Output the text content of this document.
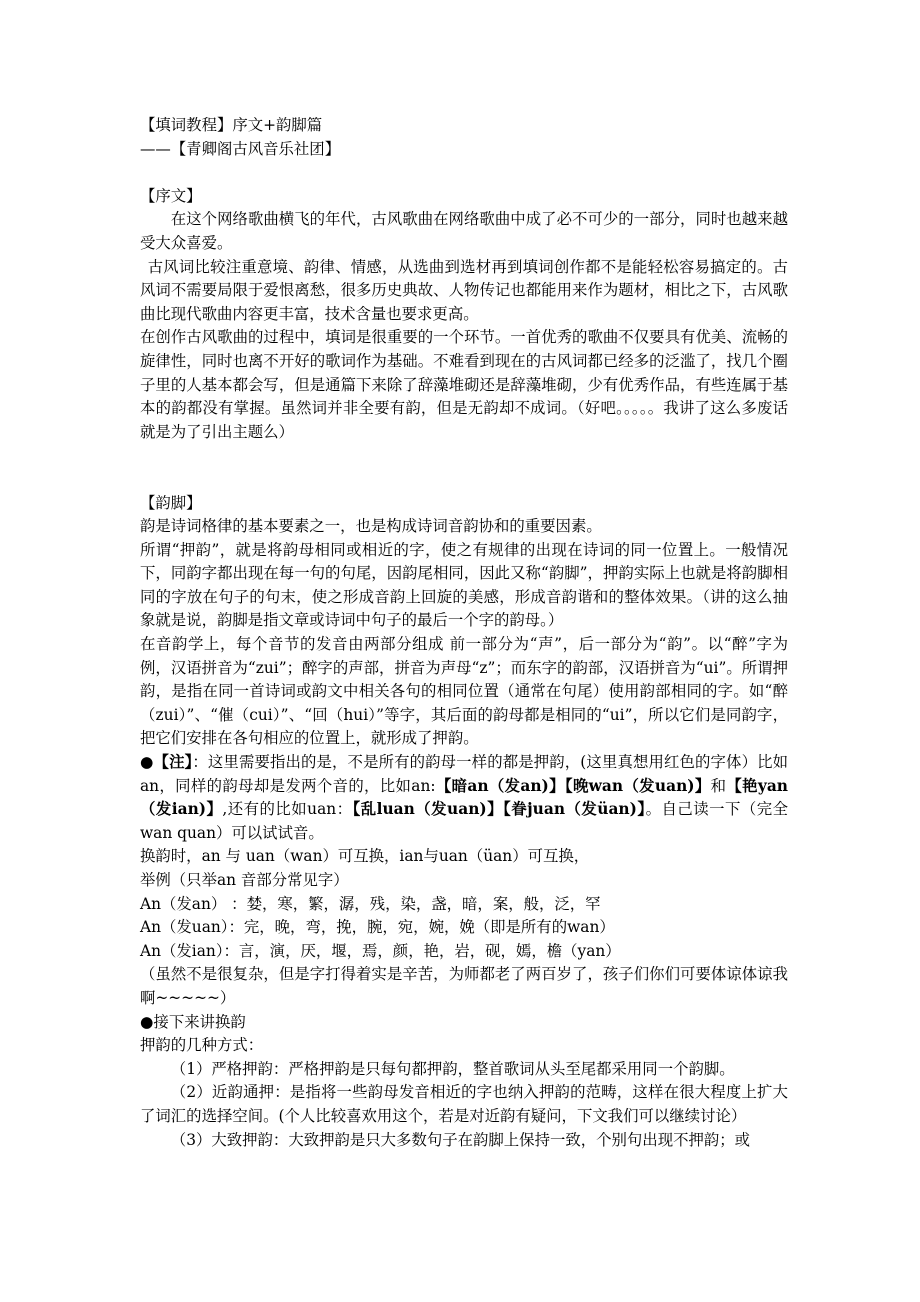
【填词教程】序文+韵脚篇

——【青卿阁古风音乐社团】

【序文】

在这个网络歌曲横飞的年代，古风歌曲在网络歌曲中成了必不可少的一部分，同时也越来越受大众喜爱。

古风词比较注重意境、韵律、情感，从选曲到选材再到填词创作都不是能轻松容易搞定的。古风词不需要局限于爱恨离愁，很多历史典故、人物传记也都能用来作为题材，相比之下，古风歌曲比现代歌曲内容更丰富，技术含量也要求更高。

在创作古风歌曲的过程中，填词是很重要的一个环节。一首优秀的歌曲不仅要具有优美、流畅的旋律性，同时也离不开好的歌词作为基础。不难看到现在的古风词都已经多的泛滥了，找几个圈子里的人基本都会写，但是通篇下来除了辞藻堆砌还是辞藻堆砌，少有优秀作品，有些连属于基本的韵都没有掌握。虽然词并非全要有韵，但是无韵却不成词。（好吧。。。。。我讲了这么多废话就是为了引出主题么）

【韵脚】

韵是诗词格律的基本要素之一，也是构成诗词音韵协和的重要因素。

所谓“押韵”，就是将韵母相同或相近的字，使之有规律的出现在诗词的同一位置上。一般情况下，同韵字都出现在每一句的句尾，因韵尾相同，因此又称“韵脚”，押韵实际上也就是将韵脚相同的字放在句子的句末，使之形成音韵上回旋的美感，形成音韵谐和的整体效果。（讲的这么抽象就是说，韵脚是指文章或诗词中句子的最后一个字的韵母。）

在音韵学上，每个音节的发音由两部分组成 前一部分为“声”，后一部分为“韵”。以“醉”字为例，汉语拼音为“zui”；醉字的声部，拼音为声母“z”；而东字的韵部，汉语拼音为“ui”。所谓押韵，是指在同一首诗词或韵文中相关各句的相同位置（通常在句尾）使用韵部相同的字。如“醉（zui）”、“催（cui）”、“回（hui）”等字，其后面的韵母都是相同的“ui”，所以它们是同韵字，把它们安排在各句相应的位置上，就形成了押韵。

●【注】：这里需要指出的是，不是所有的韵母一样的都是押韵，(这里真想用红色的字体）比如an，同样的韵母却是发两个音的，比如an:【暗an（发an)】【晚wan（发uan)】和【艳yan（发ian)】,还有的比如uan：【乱luan（发uan)】【眷juan（发üan)】。自己读一下（完全wan quan）可以试试音。

换韵时，an 与 uan（wan）可互换，ian与uan（üan）可互换，

举例（只举an 音部分常见字）

An（发an） ：婪，寒，繁，潺，残，染，盏，暗，案，般，泛，罕

An（发uan）：完，晚，弯，挽，腕，宛，婉，娩（即是所有的wan）

An（发ian）：言，演，厌，堰，焉，颜，艳，岩，砚，嫣，檐（yan）

（虽然不是很复杂，但是字打得着实是辛苦，为师都老了两百岁了，孩子们你们可要体谅体谅我啊~~~~~）

●接下来讲换韵

押韵的几种方式：

（1）严格押韵：严格押韵是只每句都押韵，整首歌词从头至尾都采用同一个韵脚。

（2）近韵通押：是指将一些韵母发音相近的字也纳入押韵的范畴，这样在很大程度上扩大了词汇的选择空间。(个人比较喜欢用这个，若是对近韵有疑问，下文我们可以继续讨论）

（3）大致押韵：大致押韵是只大多数句子在韵脚上保持一致，个别句出现不押韵；或
